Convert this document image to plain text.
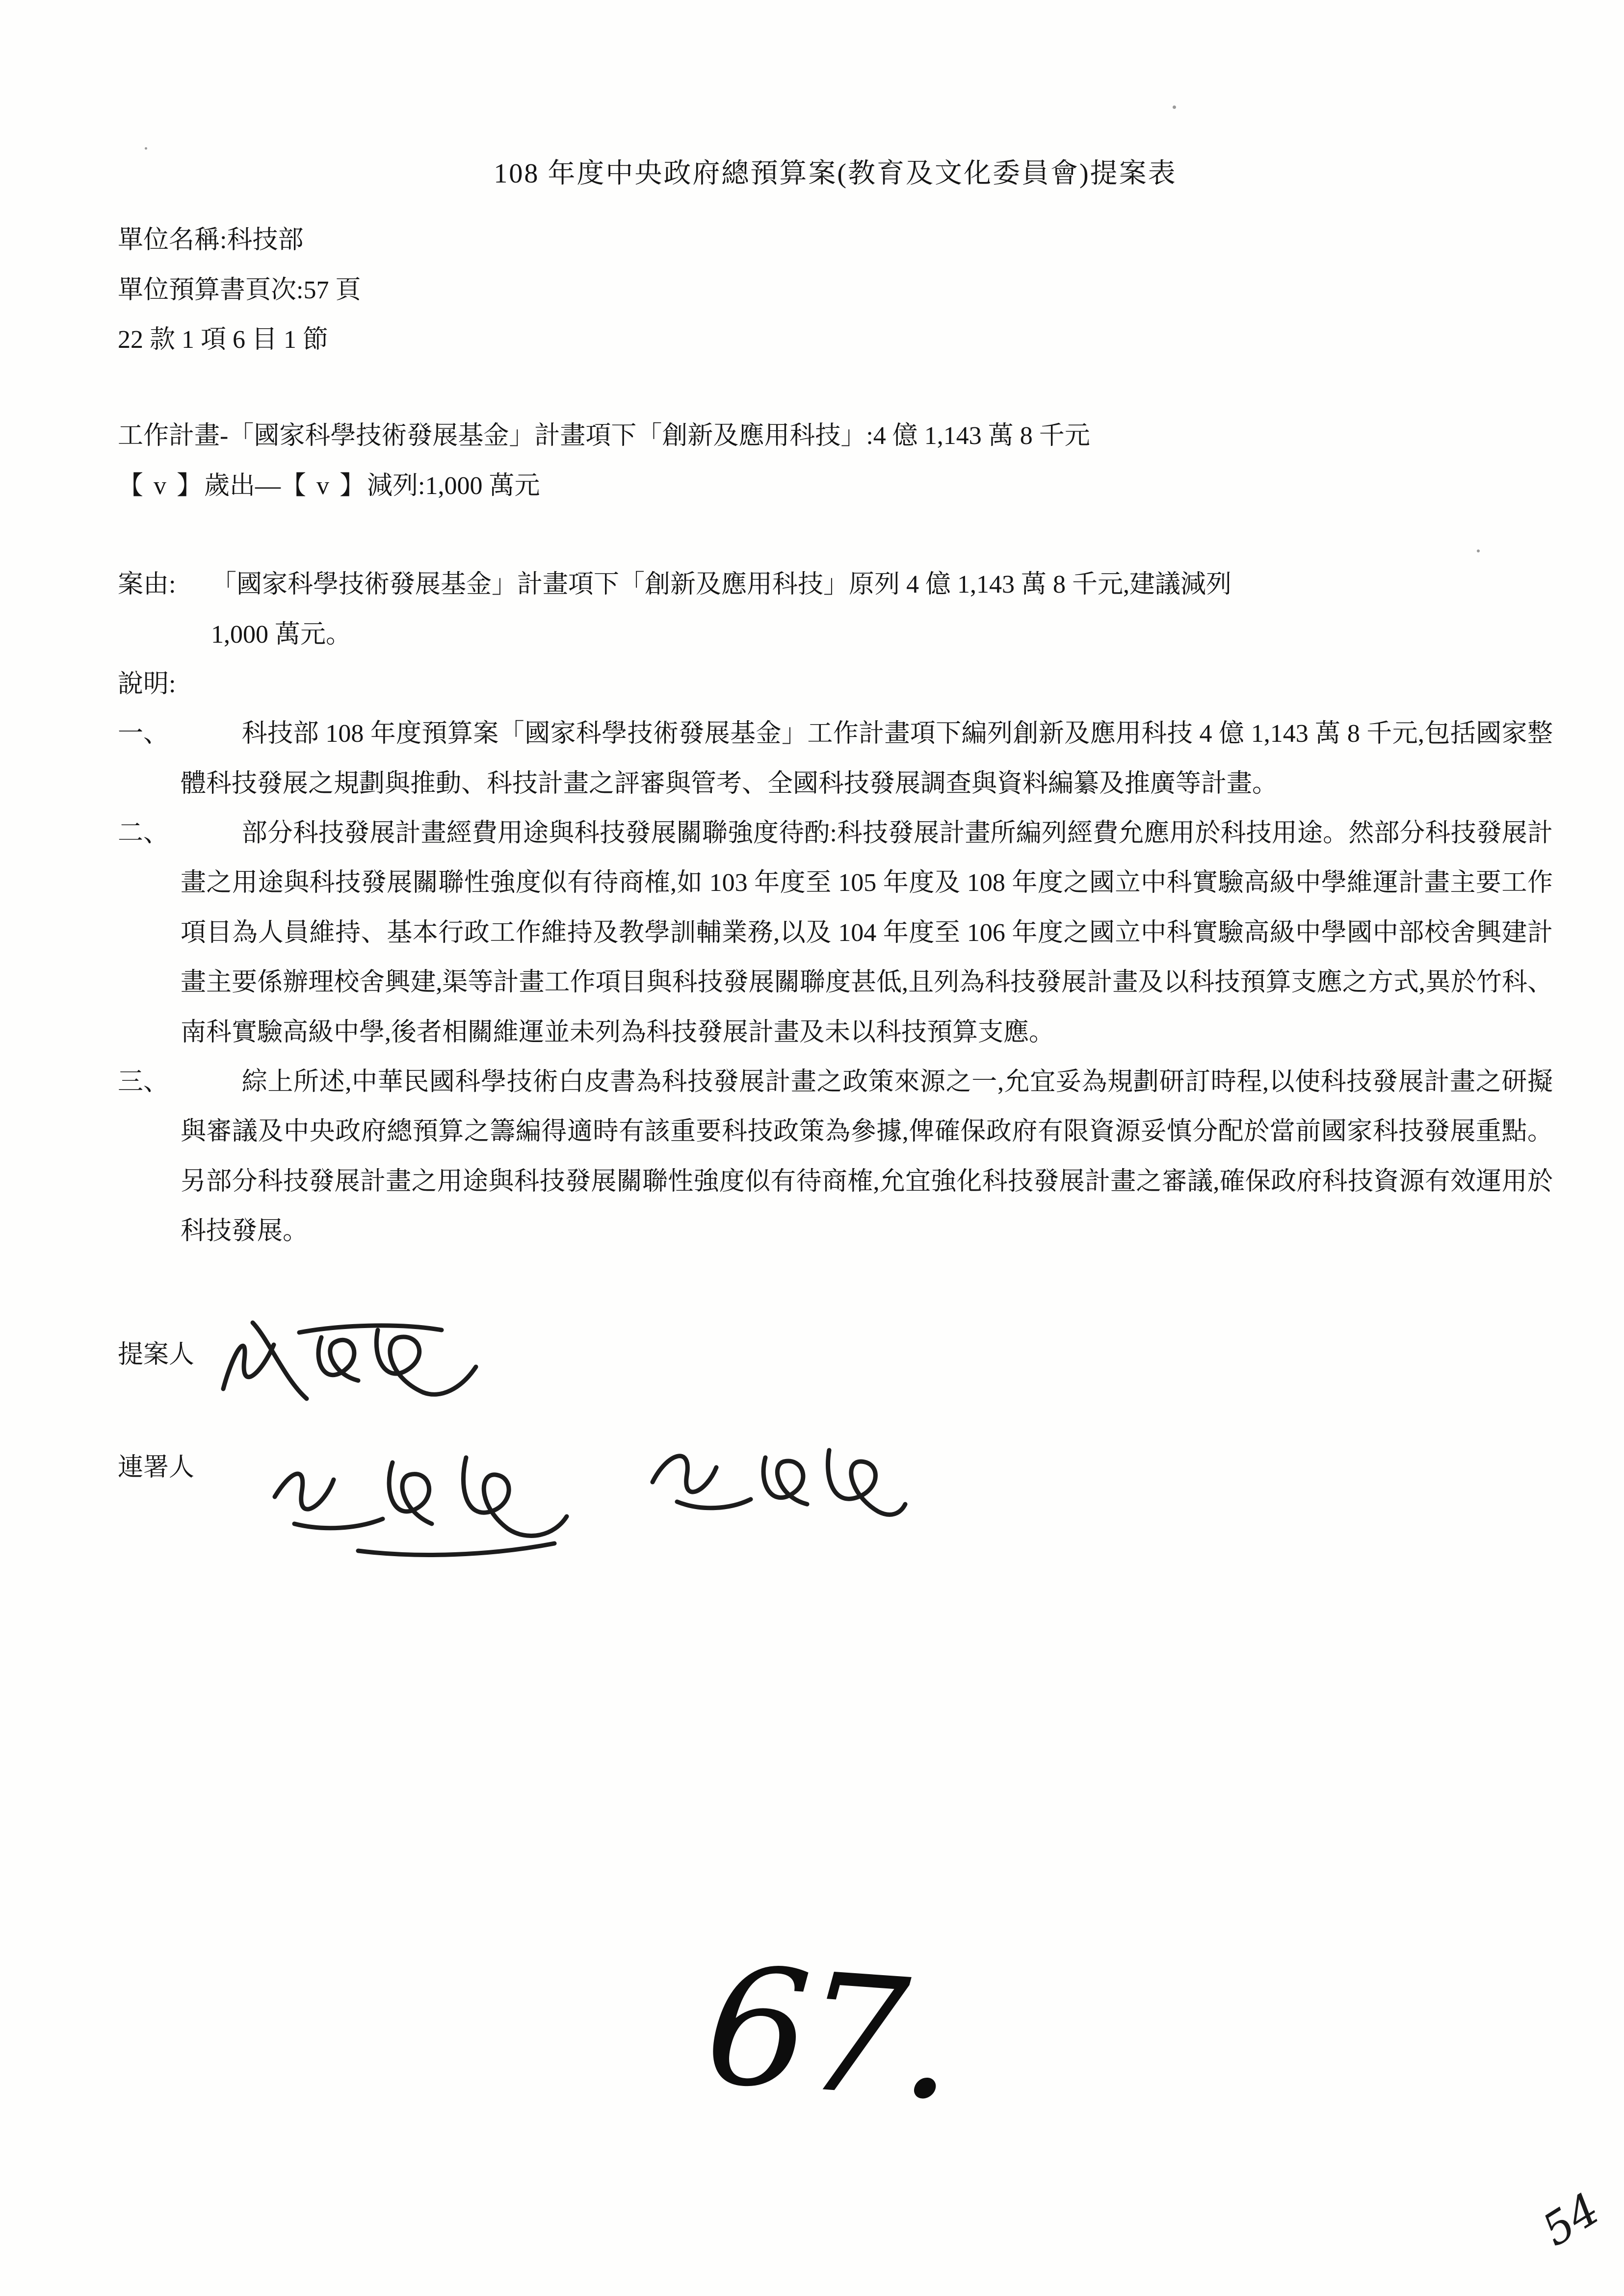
108 年度中央政府總預算案(教育及文化委員會)提案表
單位名稱:科技部
單位預算書頁次:57 頁
22 款 1 項 6 目 1 節
工作計畫-「國家科學技術發展基金」計畫項下「創新及應用科技」:4 億 1,143 萬 8 千元
【 v 】歲出—【 v 】減列:1,000 萬元
案由:	「國家科學技術發展基金」計畫項下「創新及應用科技」原列 4 億 1,143 萬 8 千元,建議減列
1,000 萬元。
說明:
一、	科技部 108 年度預算案「國家科學技術發展基金」工作計畫項下編列創新及應用科技 4 億 1,143 萬 8 千元,包括國家整體科技發展之規劃與推動、科技計畫之評審與管考、全國科技發展調查與資料編纂及推廣等計畫。
二、	部分科技發展計畫經費用途與科技發展關聯強度待酌:科技發展計畫所編列經費允應用於科技用途。然部分科技發展計畫之用途與科技發展關聯性強度似有待商榷,如 103 年度至 105 年度及 108 年度之國立中科實驗高級中學維運計畫主要工作項目為人員維持、基本行政工作維持及教學訓輔業務,以及 104 年度至 106 年度之國立中科實驗高級中學國中部校舍興建計畫主要係辦理校舍興建,渠等計畫工作項目與科技發展關聯度甚低,且列為科技發展計畫及以科技預算支應之方式,異於竹科、南科實驗高級中學,後者相關維運並未列為科技發展計畫及未以科技預算支應。
三、	綜上所述,中華民國科學技術白皮書為科技發展計畫之政策來源之一,允宜妥為規劃研訂時程,以使科技發展計畫之研擬與審議及中央政府總預算之籌編得適時有該重要科技政策為參據,俾確保政府有限資源妥慎分配於當前國家科技發展重點。另部分科技發展計畫之用途與科技發展關聯性強度似有待商榷,允宜強化科技發展計畫之審議,確保政府科技資源有效運用於科技發展。
提案人
連署人
67.
54
